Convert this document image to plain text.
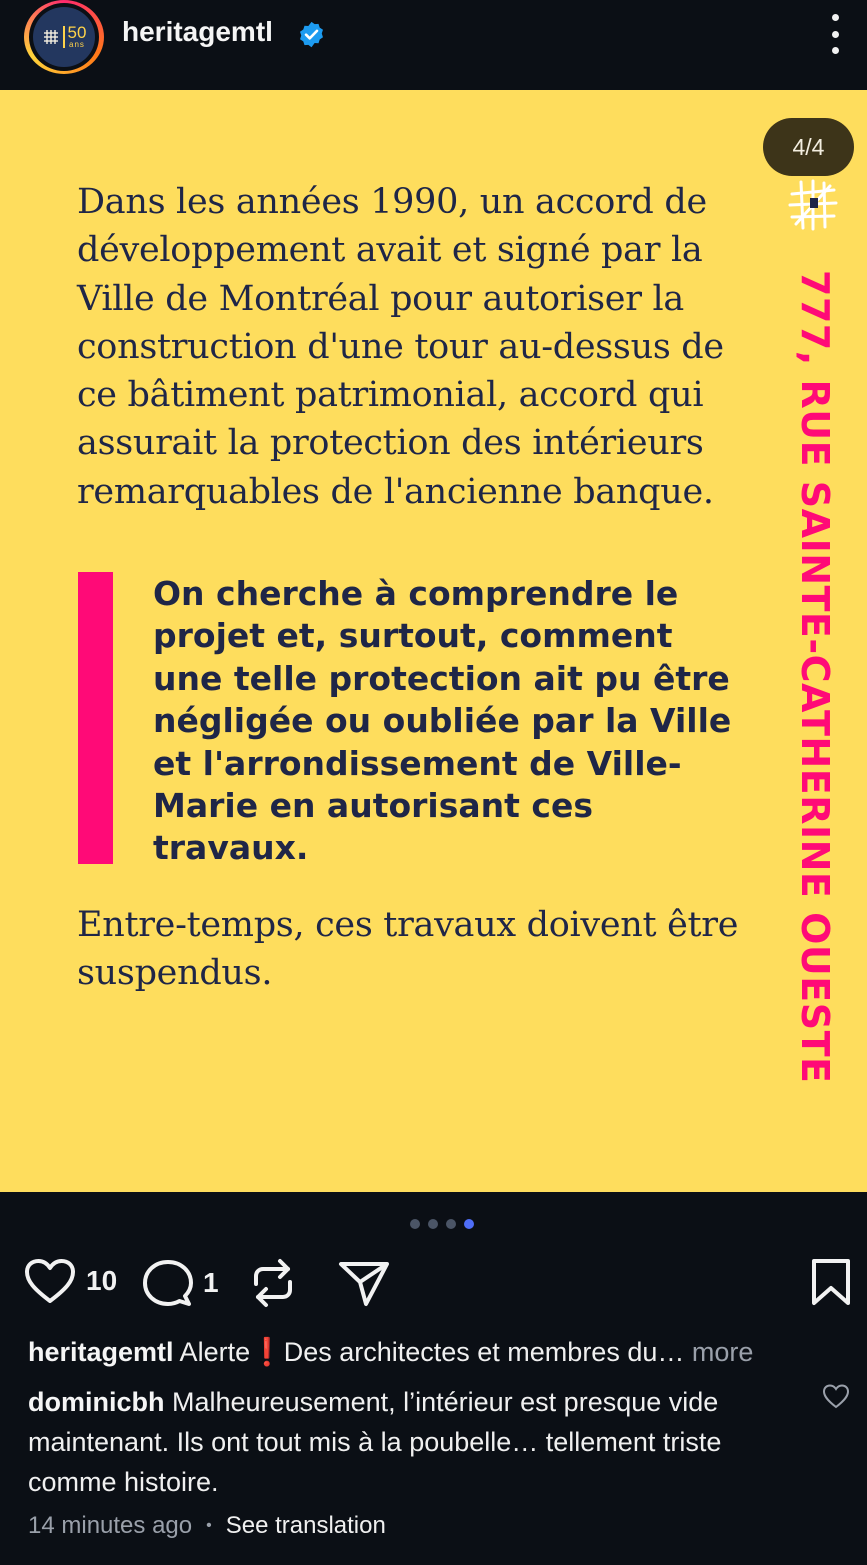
50
ans heritagemtl
4/4
Dans les années 1990, un accord de développement avait et signé par la Ville de Montréal pour autoriser la construction d'une tour au-dessus de ce bâtiment patrimonial, accord qui assurait la protection des intérieurs remarquables de l'ancienne banque.
On cherche à comprendre le projet et, surtout, comment une telle protection ait pu être négligée ou oubliée par la Ville et l'arrondissement de Ville-Marie en autorisant ces travaux.
Entre-temps, ces travaux doivent être suspendus.	777, RUE SAINTE-CATHERINE OUESTE
10	1
heritagemtl Alerte❗Des architectes et membres du… more
dominicbh Malheureusement, l’intérieur est presque vide maintenant. Ils ont tout mis à la poubelle… tellement triste comme histoire.
14 minutes ago • See translation
